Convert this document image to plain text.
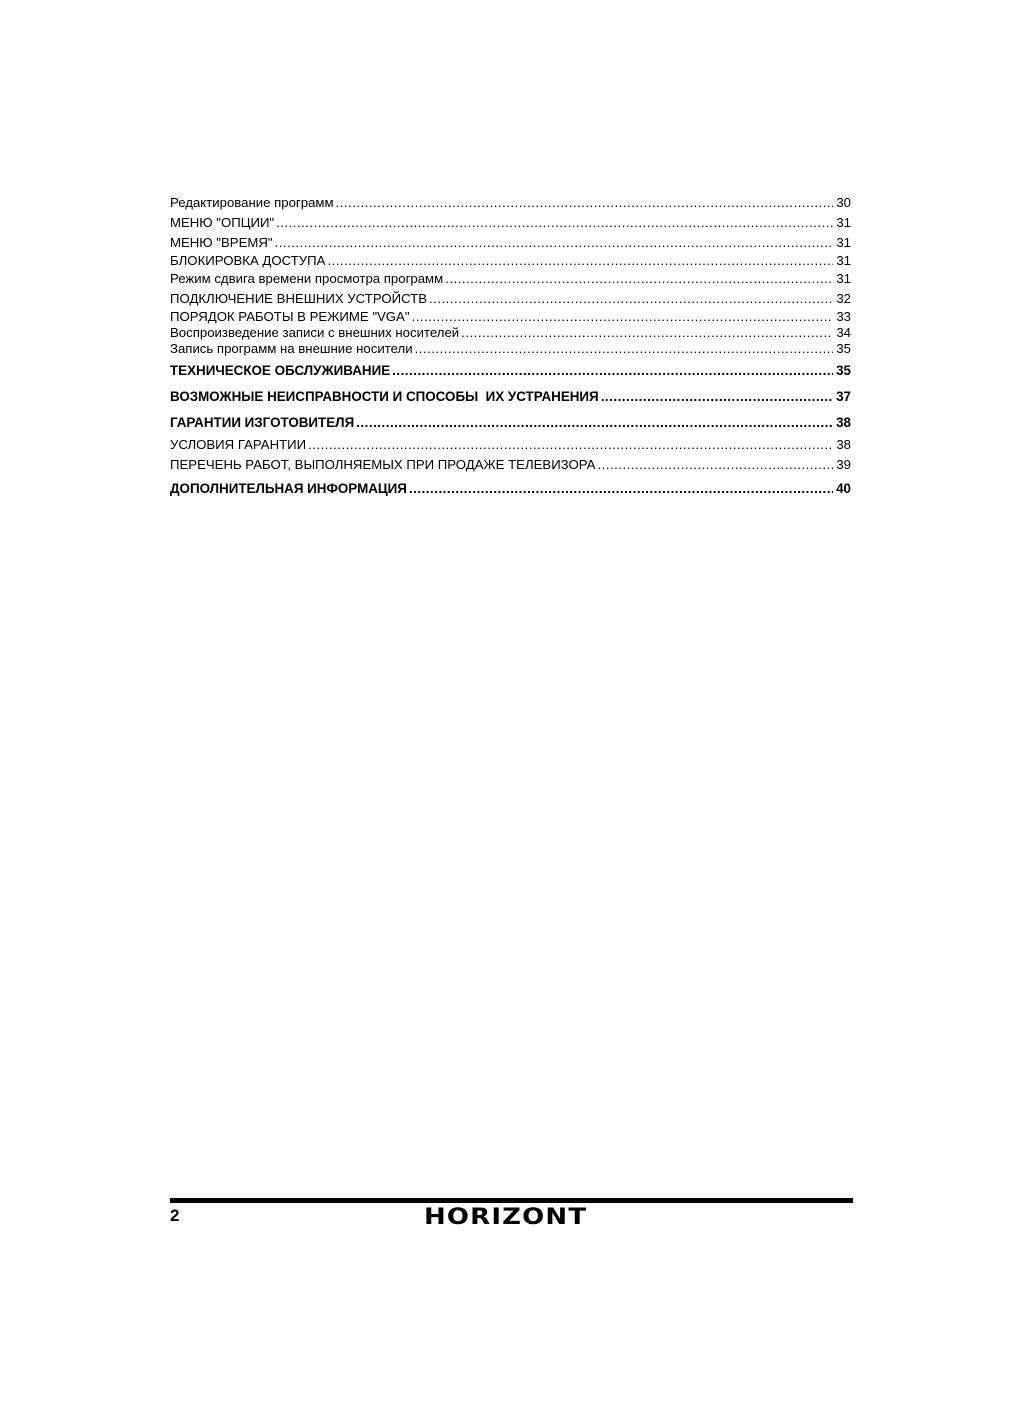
Редактирование программ .....	30
МЕНЮ "ОПЦИИ" .....	31
МЕНЮ "ВРЕМЯ" .....	31
БЛОКИРОВКА ДОСТУПА .....	31
Режим сдвига времени просмотра программ .....	31
ПОДКЛЮЧЕНИЕ ВНЕШНИХ УСТРОЙСТВ .....	32
ПОРЯДОК РАБОТЫ В РЕЖИМЕ "VGA" .....	33
Воспроизведение записи с внешних носителей .....	34
Запись программ на внешние носители .....	35
ТЕХНИЧЕСКОЕ ОБСЛУЖИВАНИЕ .....	35
ВОЗМОЖНЫЕ НЕИСПРАВНОСТИ И СПОСОБЫ  ИХ УСТРАНЕНИЯ .....	37
ГАРАНТИИ ИЗГОТОВИТЕЛЯ .....	38
УСЛОВИЯ ГАРАНТИИ .....	38
ПЕРЕЧЕНЬ РАБОТ, ВЫПОЛНЯЕМЫХ ПРИ ПРОДАЖЕ ТЕЛЕВИЗОРА .....	39
ДОПОЛНИТЕЛЬНАЯ ИНФОРМАЦИЯ .....	40
2	HORIZONT
